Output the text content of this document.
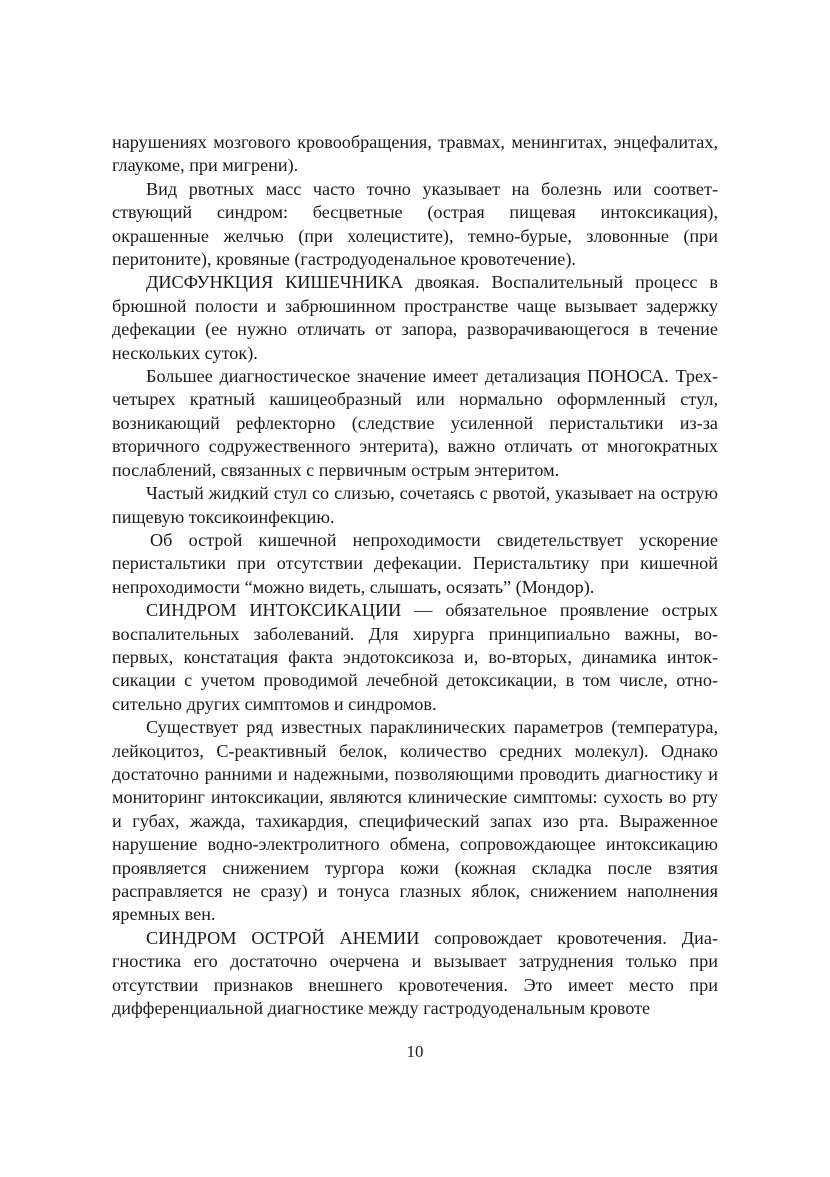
нарушениях мозгового кровообращения, травмах, менингитах, энцефалитах, глаукоме, при мигрени).

Вид рвотных масс часто точно указывает на болезнь или соответствующий синдром: бесцветные (острая пищевая интоксикация), окрашенные желчью (при холецистите), темно-бурые, зловонные (при перитоните), кровяные (гастродуоденальное кровотечение).

ДИСФУНКЦИЯ КИШЕЧНИКА двоякая. Воспалительный процесс в брюшной полости и забрюшинном пространстве чаще вызывает задержку дефекации (ее нужно отличать от запора, разворачивающегося в течение нескольких суток).

Большее диагностическое значение имеет детализация ПОНОСА. Трех-четырех кратный кашицеобразный или нормально оформленный стул, возникающий рефлекторно (следствие усиленной перистальтики из-за вторичного содружественного энтерита), важно отличать от многократных послаблений, связанных с первичным острым энтеритом.

Частый жидкий стул со слизью, сочетаясь с рвотой, указывает на острую пищевую токсикоинфекцию.

Об острой кишечной непроходимости свидетельствует ускорение перистальтики при отсутствии дефекации. Перистальтику при кишечной непроходимости “можно видеть, слышать, осязать” (Мондор).

СИНДРОМ ИНТОКСИКАЦИИ — обязательное проявление острых воспалительных заболеваний. Для хирурга принципиально важны, во-первых, констатация факта эндотоксикоза и, во-вторых, динамика интоксикации с учетом проводимой лечебной детоксикации, в том числе, относительно других симптомов и синдромов.

Существует ряд известных параклинических параметров (температура, лейкоцитоз, С-реактивный белок, количество средних молекул). Однако достаточно ранними и надежными, позволяющими проводить диагностику и мониторинг интоксикации, являются клинические симптомы: сухость во рту и губах, жажда, тахикардия, специфический запах изо рта. Выраженное нарушение водно-электролитного обмена, сопровождающее интоксикацию проявляется снижением тургора кожи (кожная складка после взятия расправляется не сразу) и тонуса глазных яблок, снижением наполнения яремных вен.

СИНДРОМ ОСТРОЙ АНЕМИИ сопровождает кровотечения. Диагностика его достаточно очерчена и вызывает затруднения только при отсутствии признаков внешнего кровотечения. Это имеет место при дифференциальной диагностике между гастродуоденальным кровоте

10
